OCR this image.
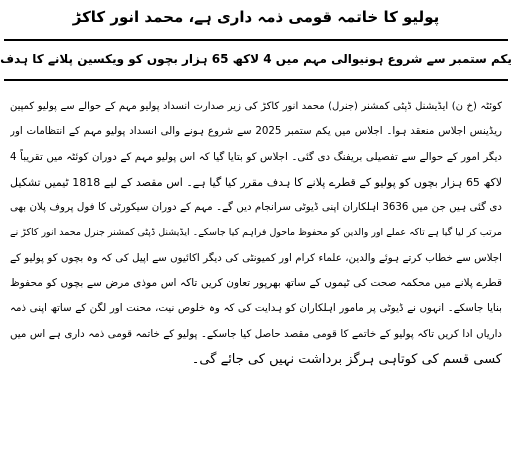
پولیو کا خاتمہ قومی ذمہ داری ہے، محمد انور کاکڑ
یکم ستمبر سے شروع ہونیوالی مہم میں 4 لاکھ 65 ہزار بچوں کو ویکسین پلانے کا ہدف
کوئٹہ (خ ن) ایڈیشنل ڈپٹی کمشنر (جنرل) محمد انور کاکڑ کی زیر صدارت انسداد پولیو مہم کے حوالے سے پولیو کمپین
ریڈینس اجلاس منعقد ہوا۔ اجلاس میں یکم ستمبر 2025 سے شروع ہونے والی انسداد پولیو مہم کے انتظامات اور
دیگر امور کے حوالے سے تفصیلی بریفنگ دی گئی۔ اجلاس کو بتایا گیا کہ اس پولیو مہم کے دوران کوئٹہ میں تقریباً 4
لاکھ 65 ہزار بچوں کو پولیو کے قطرے پلانے کا ہدف مقرر کیا گیا ہے۔ اس مقصد کے لیے 1818 ٹیمیں تشکیل
دی گئی ہیں جن میں 3636 اہلکاران اپنی ڈیوٹی سرانجام دیں گے۔ مہم کے دوران سیکورٹی کا فول پروف پلان بھی
مرتب کر لیا گیا ہے تاکہ عملے اور والدین کو محفوظ ماحول فراہم کیا جاسکے۔ ایڈیشنل ڈپٹی کمشنر جنرل محمد انور کاکڑ نے
اجلاس سے خطاب کرتے ہوئے والدین، علماء کرام اور کمیونٹی کی دیگر اکائیوں سے اپیل کی کہ وہ بچوں کو پولیو کے
قطرے پلانے میں محکمہ صحت کی ٹیموں کے ساتھ بھرپور تعاون کریں تاکہ اس موذی مرض سے بچوں کو محفوظ
بنایا جاسکے۔ انہوں نے ڈیوٹی پر مامور اہلکاران کو ہدایت کی کہ وہ خلوص نیت، محنت اور لگن کے ساتھ اپنی ذمہ
داریاں ادا کریں تاکہ پولیو کے خاتمے کا قومی مقصد حاصل کیا جاسکے۔ پولیو کے خاتمہ قومی ذمہ داری ہے اس میں
کسی قسم کی کوتاہی ہرگز برداشت نہیں کی جائے گی۔
